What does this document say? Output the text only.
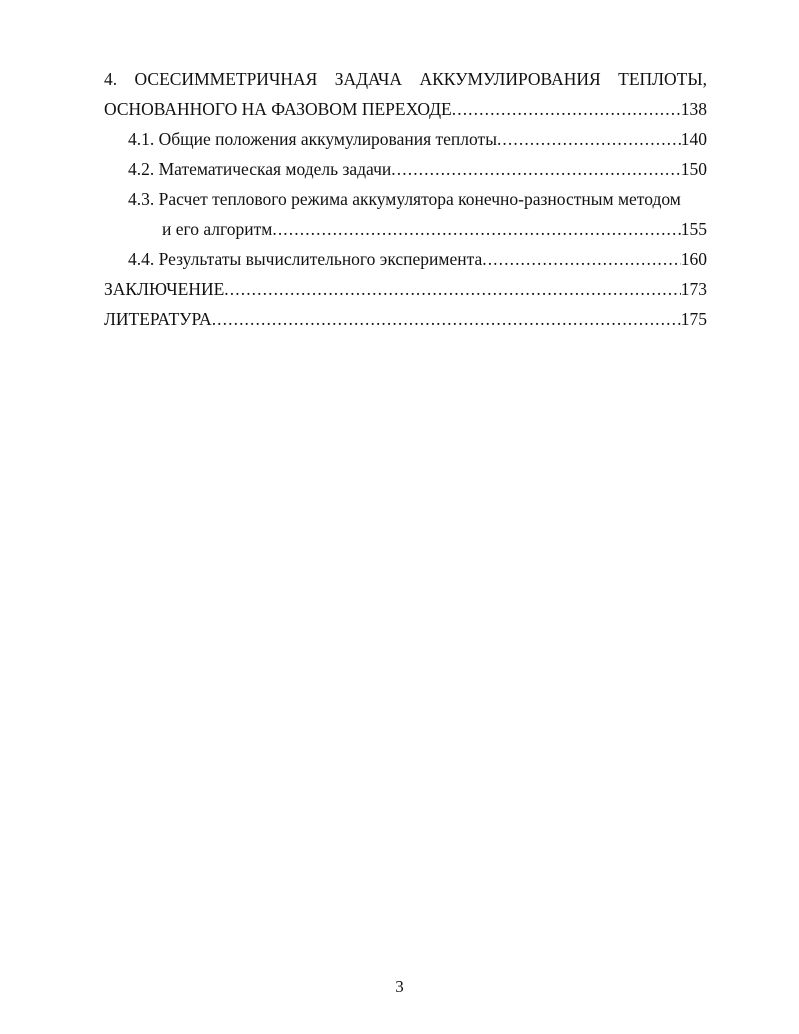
4. ОСЕСИММЕТРИЧНАЯ ЗАДАЧА АККУМУЛИРОВАНИЯ ТЕПЛОТЫ,
ОСНОВАННОГО НА ФАЗОВОМ ПЕРЕХОДЕ .....	138
4.1. Общие положения аккумулирования теплоты .....	140
4.2. Математическая модель задачи .....	150
4.3. Расчет теплового режима аккумулятора конечно-разностным методом
и его алгоритм .....	155
4.4. Результаты вычислительного эксперимента .....	160
ЗАКЛЮЧЕНИЕ .....	173
ЛИТЕРАТУРА .....	175
3
